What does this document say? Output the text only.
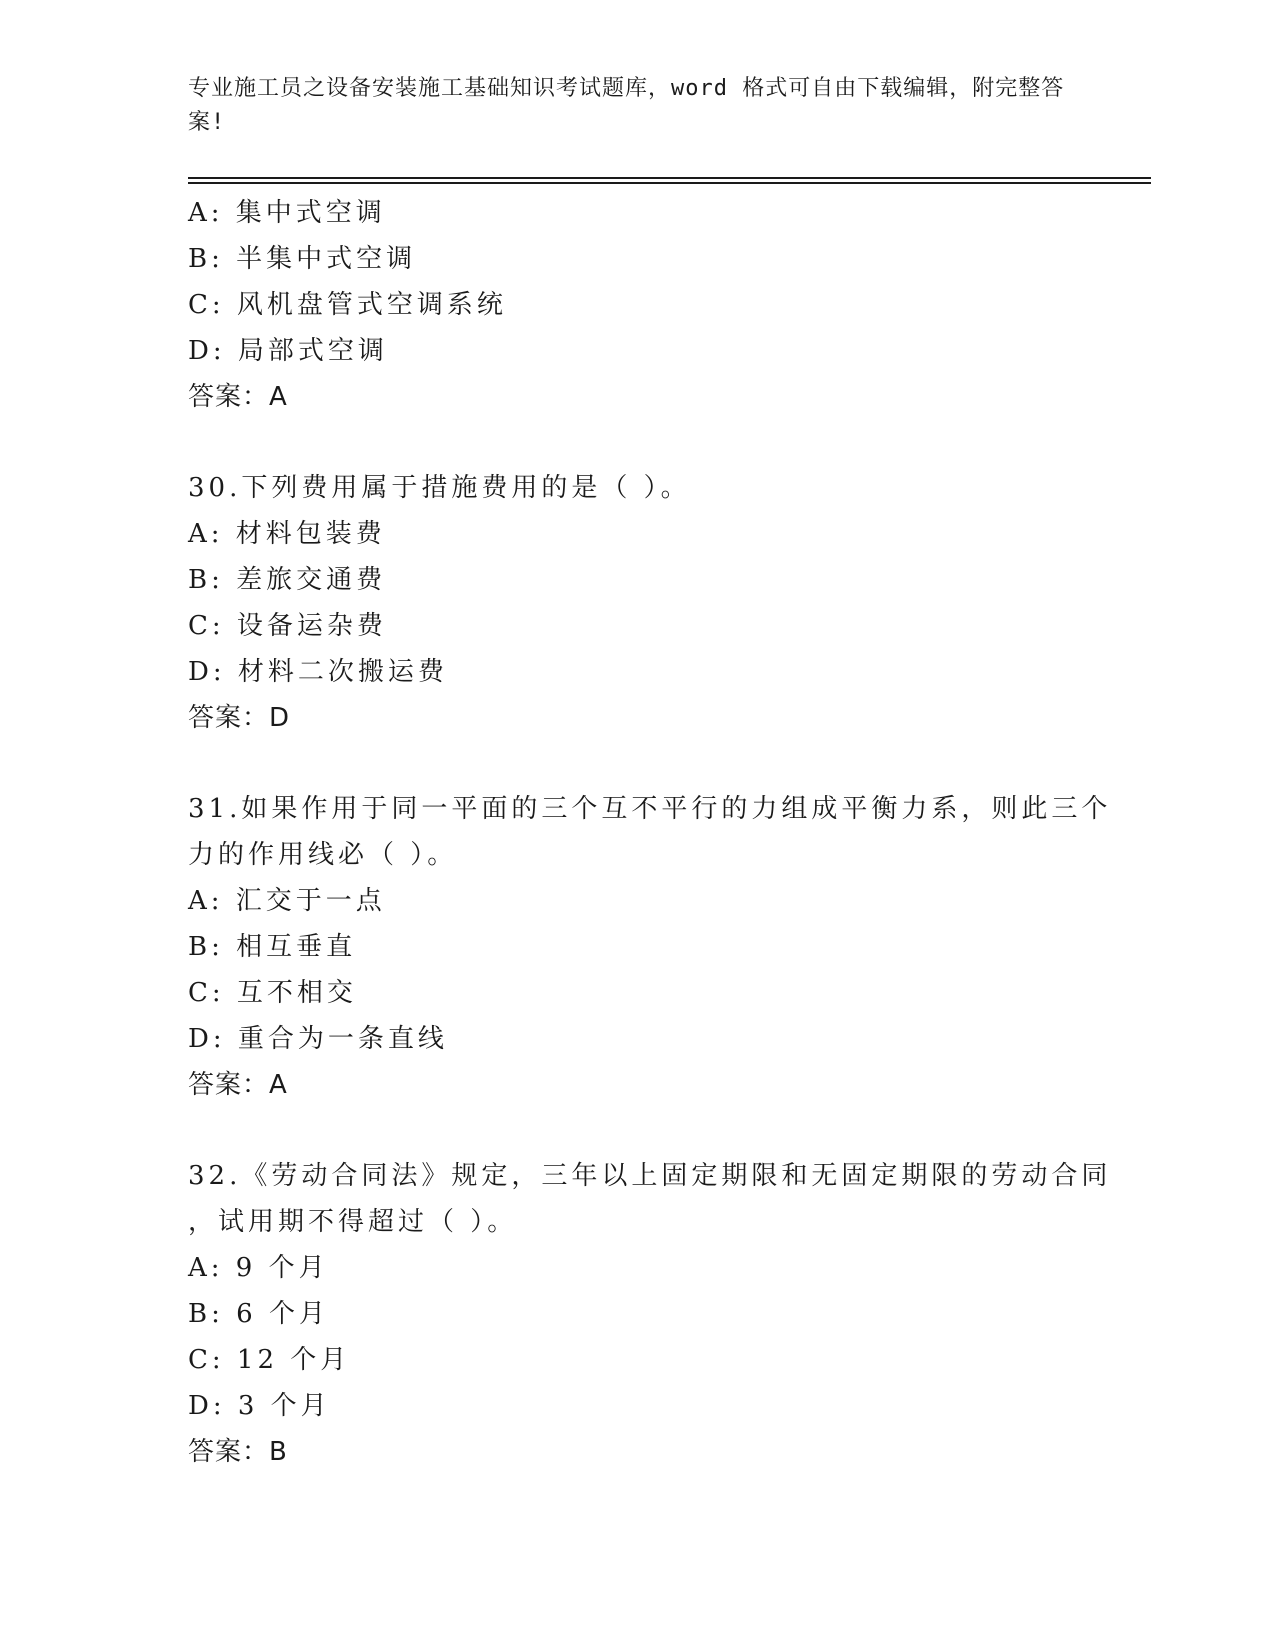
专业施工员之设备安装施工基础知识考试题库，word 格式可自由下载编辑，附完整答案!
A: 集中式空调
B: 半集中式空调
C: 风机盘管式空调系统
D: 局部式空调
答案：A
30.下列费用属于措施费用的是（ ）。
A: 材料包装费
B: 差旅交通费
C: 设备运杂费
D: 材料二次搬运费
答案：D
31.如果作用于同一平面的三个互不平行的力组成平衡力系，则此三个
力的作用线必（ ）。
A: 汇交于一点
B: 相互垂直
C: 互不相交
D: 重合为一条直线
答案：A
32.《劳动合同法》规定，三年以上固定期限和无固定期限的劳动合同
，试用期不得超过（ ）。
A: 9 个月
B: 6 个月
C: 12 个月
D: 3 个月
答案：B
